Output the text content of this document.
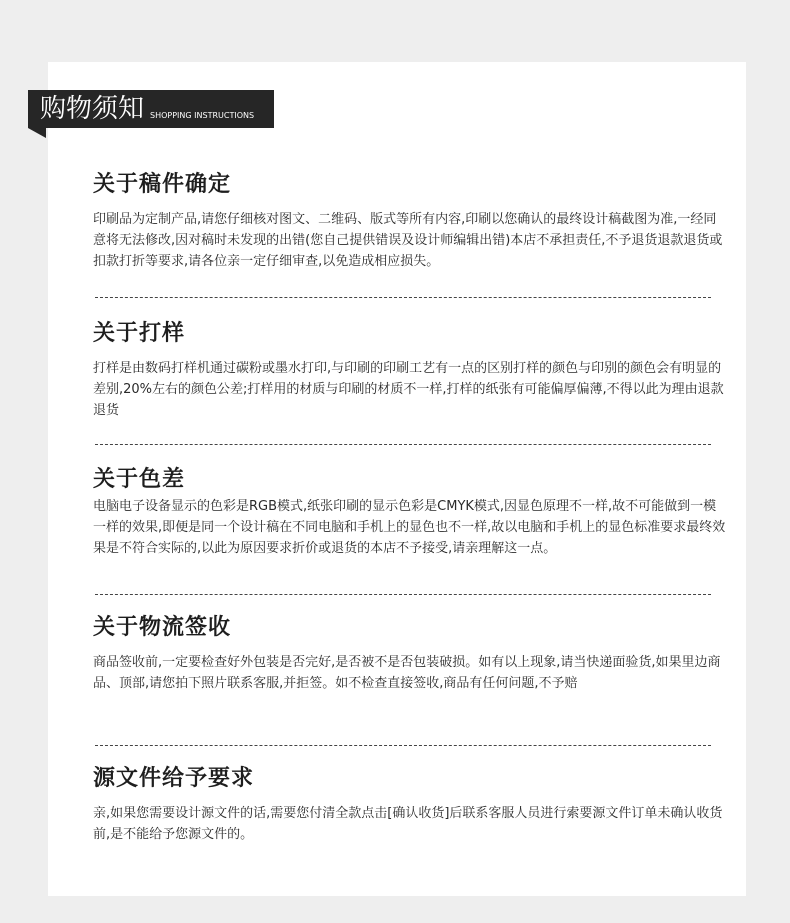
购物须知 SHOPPING INSTRUCTIONS
关于稿件确定

印刷品为定制产品,请您仔细核对图文、二维码、版式等所有内容,印刷以您确认的最终设计稿截图为准,一经同意将无法修改,因对稿时未发现的出错(您自己提供错误及设计师编辑出错)本店不承担责任,不予退货退款退货或扣款打折等要求,请各位亲一定仔细审查,以免造成相应损失。

关于打样

打样是由数码打样机通过碳粉或墨水打印,与印刷的印刷工艺有一点的区别打样的颜色与印别的颜色会有明显的差别,20%左右的颜色公差;打样用的材质与印刷的材质不一样,打样的纸张有可能偏厚偏薄,不得以此为理由退款退货

关于色差

电脑电子设备显示的色彩是RGB模式,纸张印刷的显示色彩是CMYK模式,因显色原理不一样,故不可能做到一模一样的效果,即便是同一个设计稿在不同电脑和手机上的显色也不一样,故以电脑和手机上的显色标准要求最终效果是不符合实际的,以此为原因要求折价或退货的本店不予接受,请亲理解这一点。

关于物流签收

商品签收前,一定要检查好外包装是否完好,是否被不是否包装破损。如有以上现象,请当快递面验货,如果里边商品、顶部,请您拍下照片联系客服,并拒签。如不检查直接签收,商品有任何问题,不予赔

源文件给予要求

亲,如果您需要设计源文件的话,需要您付清全款点击[确认收货]后联系客服人员进行索要源文件订单未确认收货前,是不能给予您源文件的。
